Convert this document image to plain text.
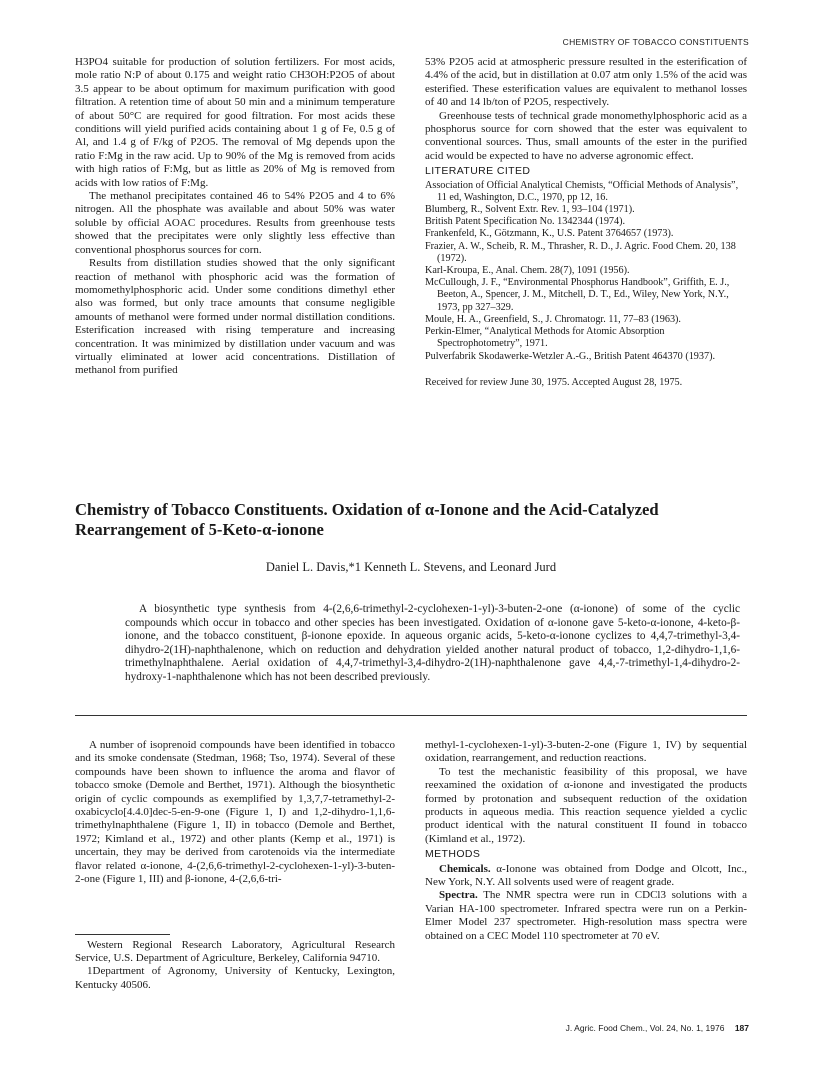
CHEMISTRY OF TOBACCO CONSTITUENTS

H3PO4 suitable for production of solution fertilizers. For most acids, mole ratio N:P of about 0.175 and weight ratio CH3OH:P2O5 of about 3.5 appear to be about optimum for maximum purification with good filtration. A retention time of about 50 min and a minimum temperature of about 50°C are required for good filtration. For most acids these conditions will yield purified acids containing about 1 g of Fe, 0.5 g of Al, and 1.4 g of F/kg of P2O5. The removal of Mg depends upon the ratio F:Mg in the raw acid. Up to 90% of the Mg is removed from acids with high ratios of F:Mg, but as little as 20% of Mg is removed from acids with low ratios of F:Mg.

The methanol precipitates contained 46 to 54% P2O5 and 4 to 6% nitrogen. All the phosphate was available and about 50% was water soluble by official AOAC procedures. Results from greenhouse tests showed that the precipitates were only slightly less effective than conventional phosphorus sources for corn.

Results from distillation studies showed that the only significant reaction of methanol with phosphoric acid was the formation of momomethylphosphoric acid. Under some conditions dimethyl ether also was formed, but only trace amounts that consume negligible amounts of methanol were formed under normal distillation conditions. Esterification increased with rising temperature and increasing concentration. It was minimized by distillation under vacuum and was virtually eliminated at lower acid concentrations. Distillation of methanol from purified

53% P2O5 acid at atmospheric pressure resulted in the esterification of 4.4% of the acid, but in distillation at 0.07 atm only 1.5% of the acid was esterified. These esterification values are equivalent to methanol losses of 40 and 14 lb/ton of P2O5, respectively.

Greenhouse tests of technical grade monomethylphosphoric acid as a phosphorus source for corn showed that the ester was equivalent to conventional sources. Thus, small amounts of the ester in the purified acid would be expected to have no adverse agronomic effect.

LITERATURE CITED
Association of Official Analytical Chemists, “Official Methods of Analysis”, 11 ed, Washington, D.C., 1970, pp 12, 16.
Blumberg, R., Solvent Extr. Rev. 1, 93–104 (1971).
British Patent Specification No. 1342344 (1974).
Frankenfeld, K., Götzmann, K., U.S. Patent 3764657 (1973).
Frazier, A. W., Scheib, R. M., Thrasher, R. D., J. Agric. Food Chem. 20, 138 (1972).
Karl-Kroupa, E., Anal. Chem. 28(7), 1091 (1956).
McCullough, J. F., “Environmental Phosphorus Handbook”, Griffith, E. J., Beeton, A., Spencer, J. M., Mitchell, D. T., Ed., Wiley, New York, N.Y., 1973, pp 327–329.
Moule, H. A., Greenfield, S., J. Chromatogr. 11, 77–83 (1963).
Perkin-Elmer, “Analytical Methods for Atomic Absorption Spectrophotometry”, 1971.
Pulverfabrik Skodawerke-Wetzler A.-G., British Patent 464370 (1937).
Received for review June 30, 1975. Accepted August 28, 1975.
Chemistry of Tobacco Constituents. Oxidation of α-Ionone and the Acid-Catalyzed Rearrangement of 5-Keto-α-ionone
Daniel L. Davis,*1 Kenneth L. Stevens, and Leonard Jurd
A biosynthetic type synthesis from 4-(2,6,6-trimethyl-2-cyclohexen-1-yl)-3-buten-2-one (α-ionone) of some of the cyclic compounds which occur in tobacco and other species has been investigated. Oxidation of α-ionone gave 5-keto-α-ionone, 4-keto-β-ionone, and the tobacco constituent, β-ionone epoxide. In aqueous organic acids, 5-keto-α-ionone cyclizes to 4,4,7-trimethyl-3,4-dihydro-2(1H)-naphthalenone, which on reduction and dehydration yielded another natural product of tobacco, 1,2-dihydro-1,1,6-trimethylnaphthalene. Aerial oxidation of 4,4,7-trimethyl-3,4-dihydro-2(1H)-naphthalenone gave 4,4,-7-trimethyl-1,4-dihydro-2-hydroxy-1-naphthalenone which has not been described previously.

A number of isoprenoid compounds have been identified in tobacco and its smoke condensate (Stedman, 1968; Tso, 1974). Several of these compounds have been shown to influence the aroma and flavor of tobacco smoke (Demole and Berthet, 1971). Although the biosynthetic origin of cyclic compounds as exemplified by 1,3,7,7-tetramethyl-2-oxabicyclo[4.4.0]dec-5-en-9-one (Figure 1, I) and 1,2-dihydro-1,1,6-trimethylnaphthalene (Figure 1, II) in tobacco (Demole and Berthet, 1972; Kimland et al., 1972) and other plants (Kemp et al., 1971) is uncertain, they may be derived from carotenoids via the intermediate flavor related α-ionone, 4-(2,6,6-trimethyl-2-cyclohexen-1-yl)-3-buten-2-one (Figure 1, III) and β-ionone, 4-(2,6,6-tri-

Western Regional Research Laboratory, Agricultural Research Service, U.S. Department of Agriculture, Berkeley, California 94710.

1Department of Agronomy, University of Kentucky, Lexington, Kentucky 40506.

methyl-1-cyclohexen-1-yl)-3-buten-2-one (Figure 1, IV) by sequential oxidation, rearrangement, and reduction reactions.

To test the mechanistic feasibility of this proposal, we have reexamined the oxidation of α-ionone and investigated the products formed by protonation and subsequent reduction of the oxidation products in aqueous media. This reaction sequence yielded a cyclic product identical with the natural constituent II found in tobacco (Kimland et al., 1972).

METHODS

Chemicals. α-Ionone was obtained from Dodge and Olcott, Inc., New York, N.Y. All solvents used were of reagent grade.

Spectra. The NMR spectra were run in CDCl3 solutions with a Varian HA-100 spectrometer. Infrared spectra were run on a Perkin-Elmer Model 237 spectrometer. High-resolution mass spectra were obtained on a CEC Model 110 spectrometer at 70 eV.

J. Agric. Food Chem., Vol. 24, No. 1, 1976 187
